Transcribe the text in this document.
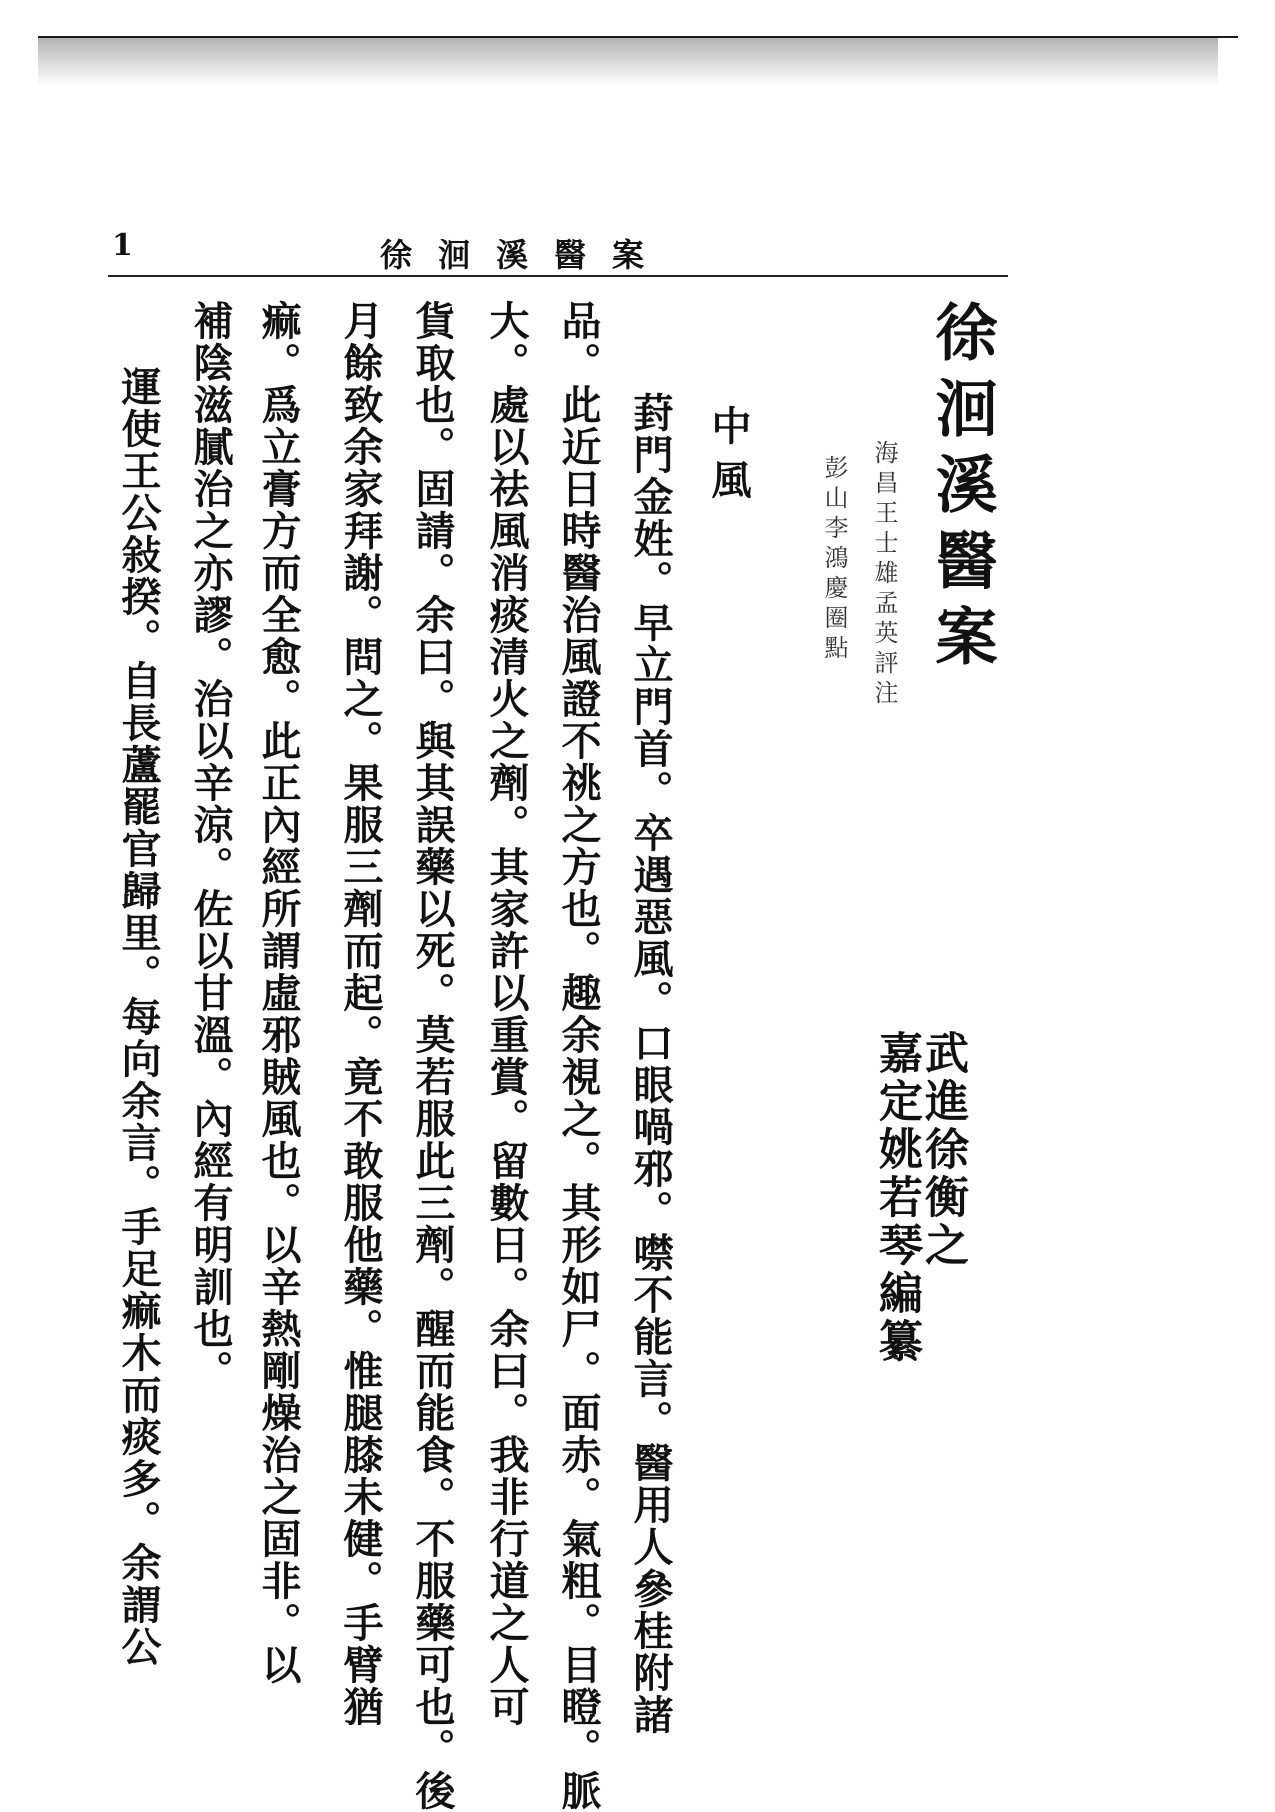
1	徐洄溪醫案
徐洄溪醫案
海昌王士雄孟英評注
彭山李鴻慶圈點
中風
武進徐衡之
嘉定姚若琴編纂
葑門金姓。早立門首。卒遇惡風。口眼喎邪。噤不能言。醫用人參桂附諸
品。此近日時醫治風證不祧之方也。趣余視之。其形如尸。面赤。氣粗。目瞪。脈
大。處以祛風消痰清火之劑。其家許以重賞。留數日。余曰。我非行道之人可
貨取也。固請。余曰。與其誤藥以死。莫若服此三劑。醒而能食。不服藥可也。後
月餘致余家拜謝。問之。果服三劑而起。竟不敢服他藥。惟腿膝未健。手臂猶
痲。爲立膏方而全愈。此正內經所謂虛邪賊風也。以辛熱剛燥治之固非。以
補陰滋膩治之亦謬。治以辛涼。佐以甘溫。內經有明訓也。
運使王公敍揆。自長蘆罷官歸里。每向余言。手足痲木而痰多。余謂公
